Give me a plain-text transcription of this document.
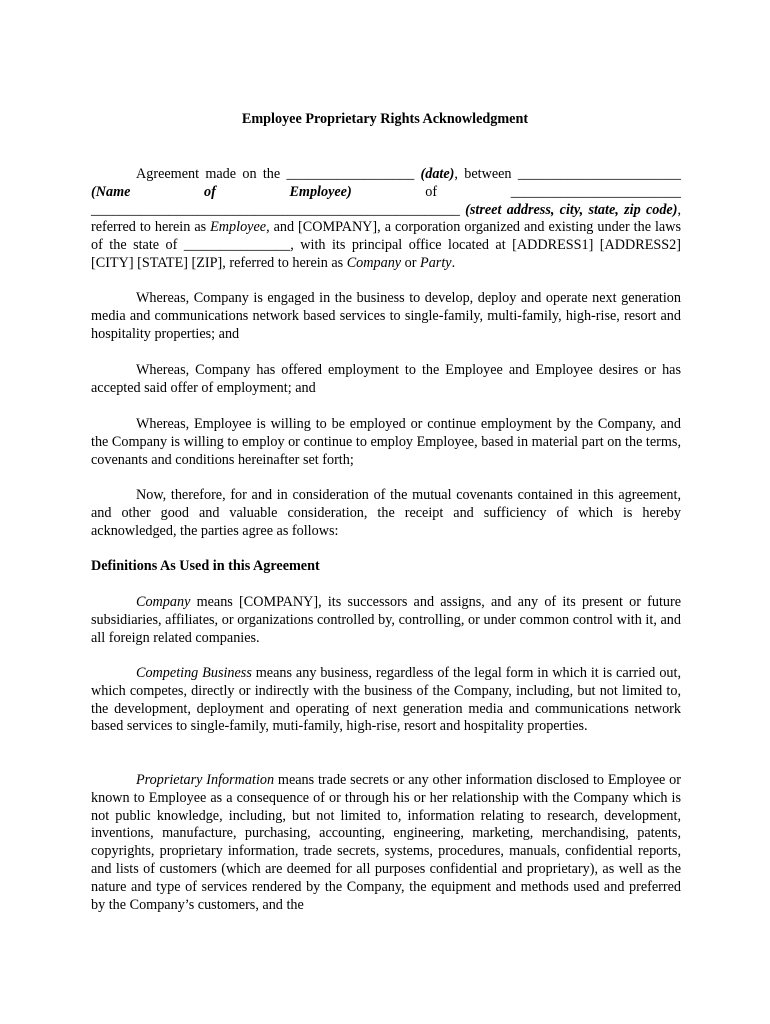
Employee Proprietary Rights Acknowledgment

Agreement made on the __________________ (date), between _______________________ (Name of Employee) of ________________________ ____________________________________________________ (street address, city, state, zip code), referred to herein as Employee, and [COMPANY], a corporation organized and existing under the laws of the state of _______________, with its principal office located at [ADDRESS1] [ADDRESS2] [CITY] [STATE] [ZIP], referred to herein as Company or Party.

Whereas, Company is engaged in the business to develop, deploy and operate next generation media and communications network based services to single-family, multi-family, high-rise, resort and hospitality properties; and

Whereas, Company has offered employment to the Employee and Employee desires or has accepted said offer of employment; and

Whereas, Employee is willing to be employed or continue employment by the Company, and the Company is willing to employ or continue to employ Employee, based in material part on the terms, covenants and conditions hereinafter set forth;

Now, therefore, for and in consideration of the mutual covenants contained in this agreement, and other good and valuable consideration, the receipt and sufficiency of which is hereby acknowledged, the parties agree as follows:

Definitions As Used in this Agreement

Company means [COMPANY], its successors and assigns, and any of its present or future subsidiaries, affiliates, or organizations controlled by, controlling, or under common control with it, and all foreign related companies.

Competing Business means any business, regardless of the legal form in which it is carried out, which competes, directly or indirectly with the business of the Company, including, but not limited to, the development, deployment and operating of next generation media and communications network based services to single-family, muti-family, high-rise, resort and hospitality properties.

Proprietary Information means trade secrets or any other information disclosed to Employee or known to Employee as a consequence of or through his or her relationship with the Company which is not public knowledge, including, but not limited to, information relating to research, development, inventions, manufacture, purchasing, accounting, engineering, marketing, merchandising, patents, copyrights, proprietary information, trade secrets, systems, procedures, manuals, confidential reports, and lists of customers (which are deemed for all purposes confidential and proprietary), as well as the nature and type of services rendered by the Company, the equipment and methods used and preferred by the Company’s customers, and the
